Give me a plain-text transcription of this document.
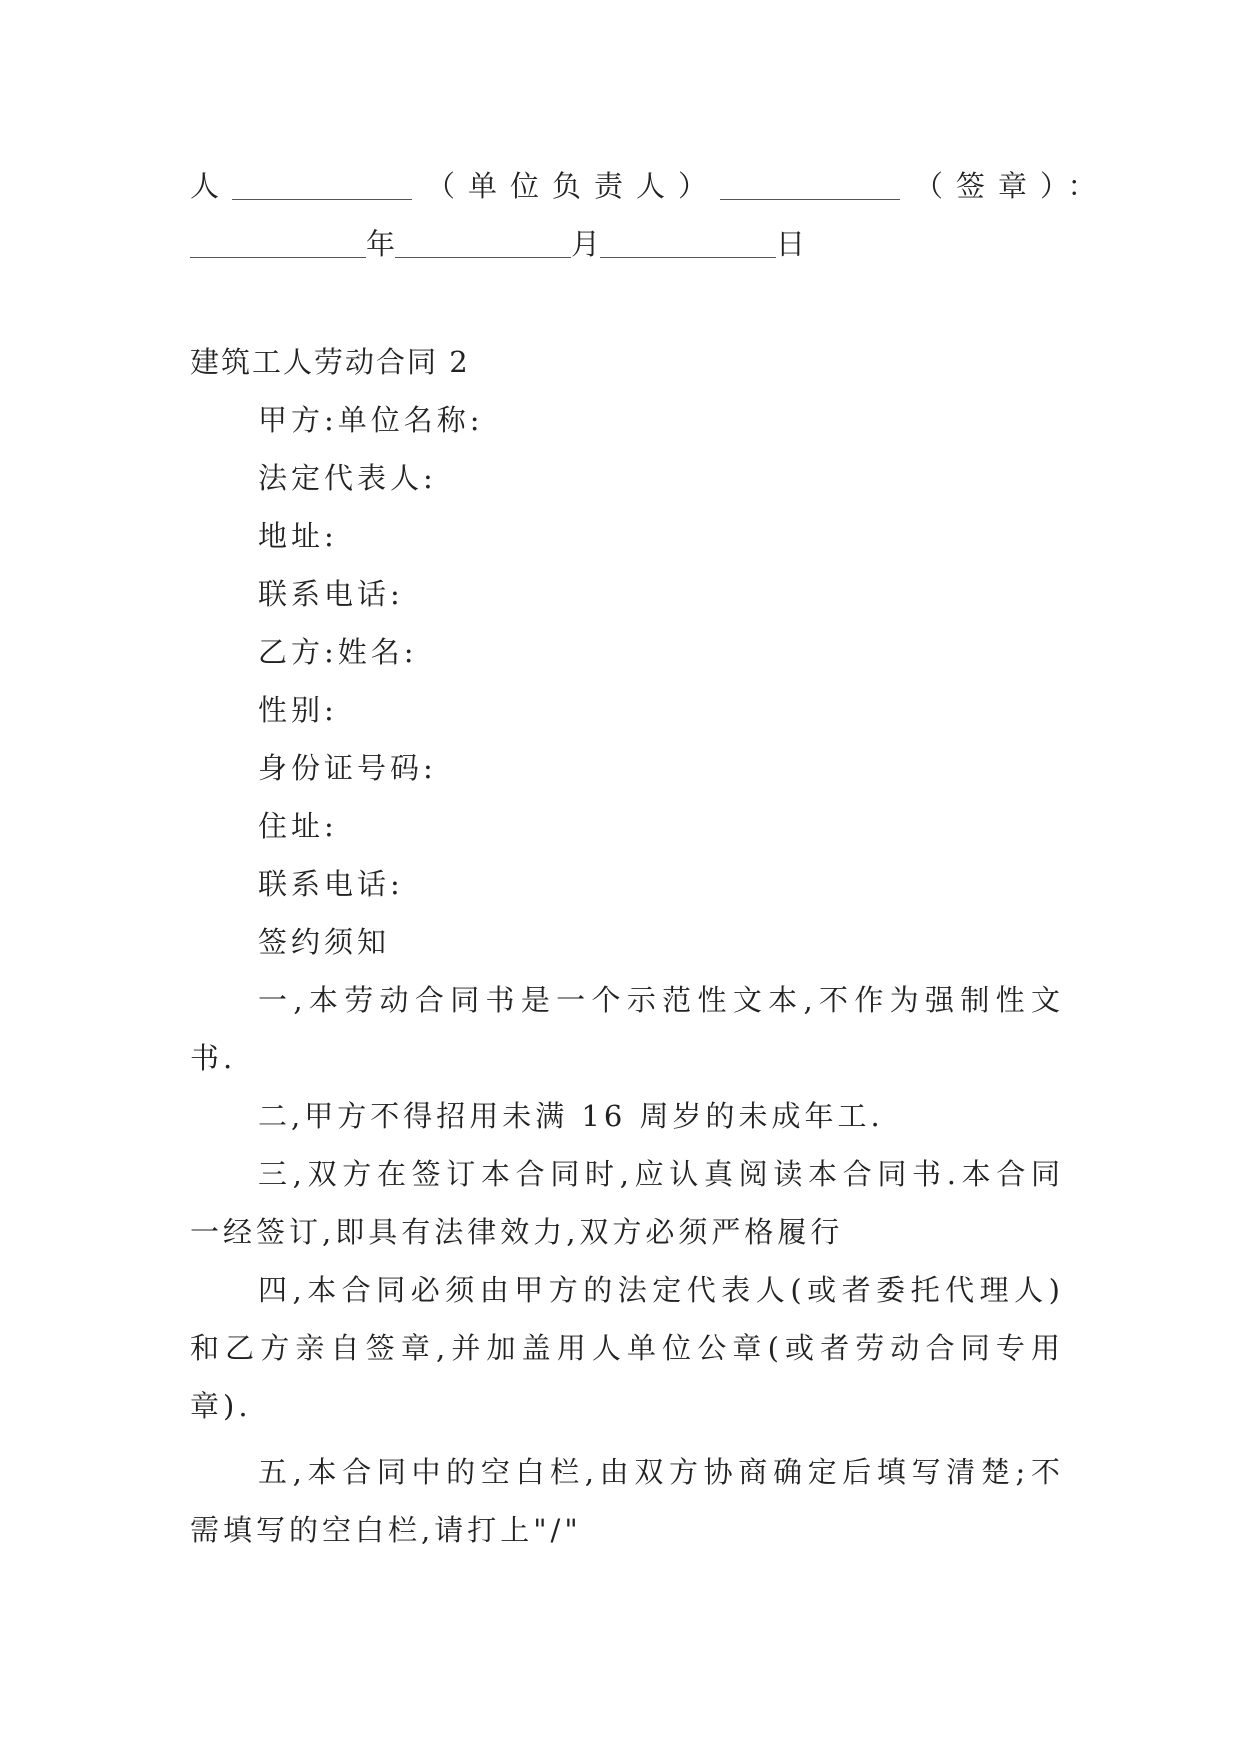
人	（单位负责人）	（签章）：
年	月	日
建筑工人劳动合同 2
甲方:单位名称:
法定代表人:
地址:
联系电话:
乙方:姓名:
性别:
身份证号码:
住址:
联系电话:
签约须知
一,本劳动合同书是一个示范性文本,不作为强制性文
书.
二,甲方不得招用未满 16 周岁的未成年工.
三,双方在签订本合同时,应认真阅读本合同书.本合同
一经签订,即具有法律效力,双方必须严格履行
四,本合同必须由甲方的法定代表人(或者委托代理人)
和乙方亲自签章,并加盖用人单位公章(或者劳动合同专用
章).
五,本合同中的空白栏,由双方协商确定后填写清楚;不
需填写的空白栏,请打上"/"
